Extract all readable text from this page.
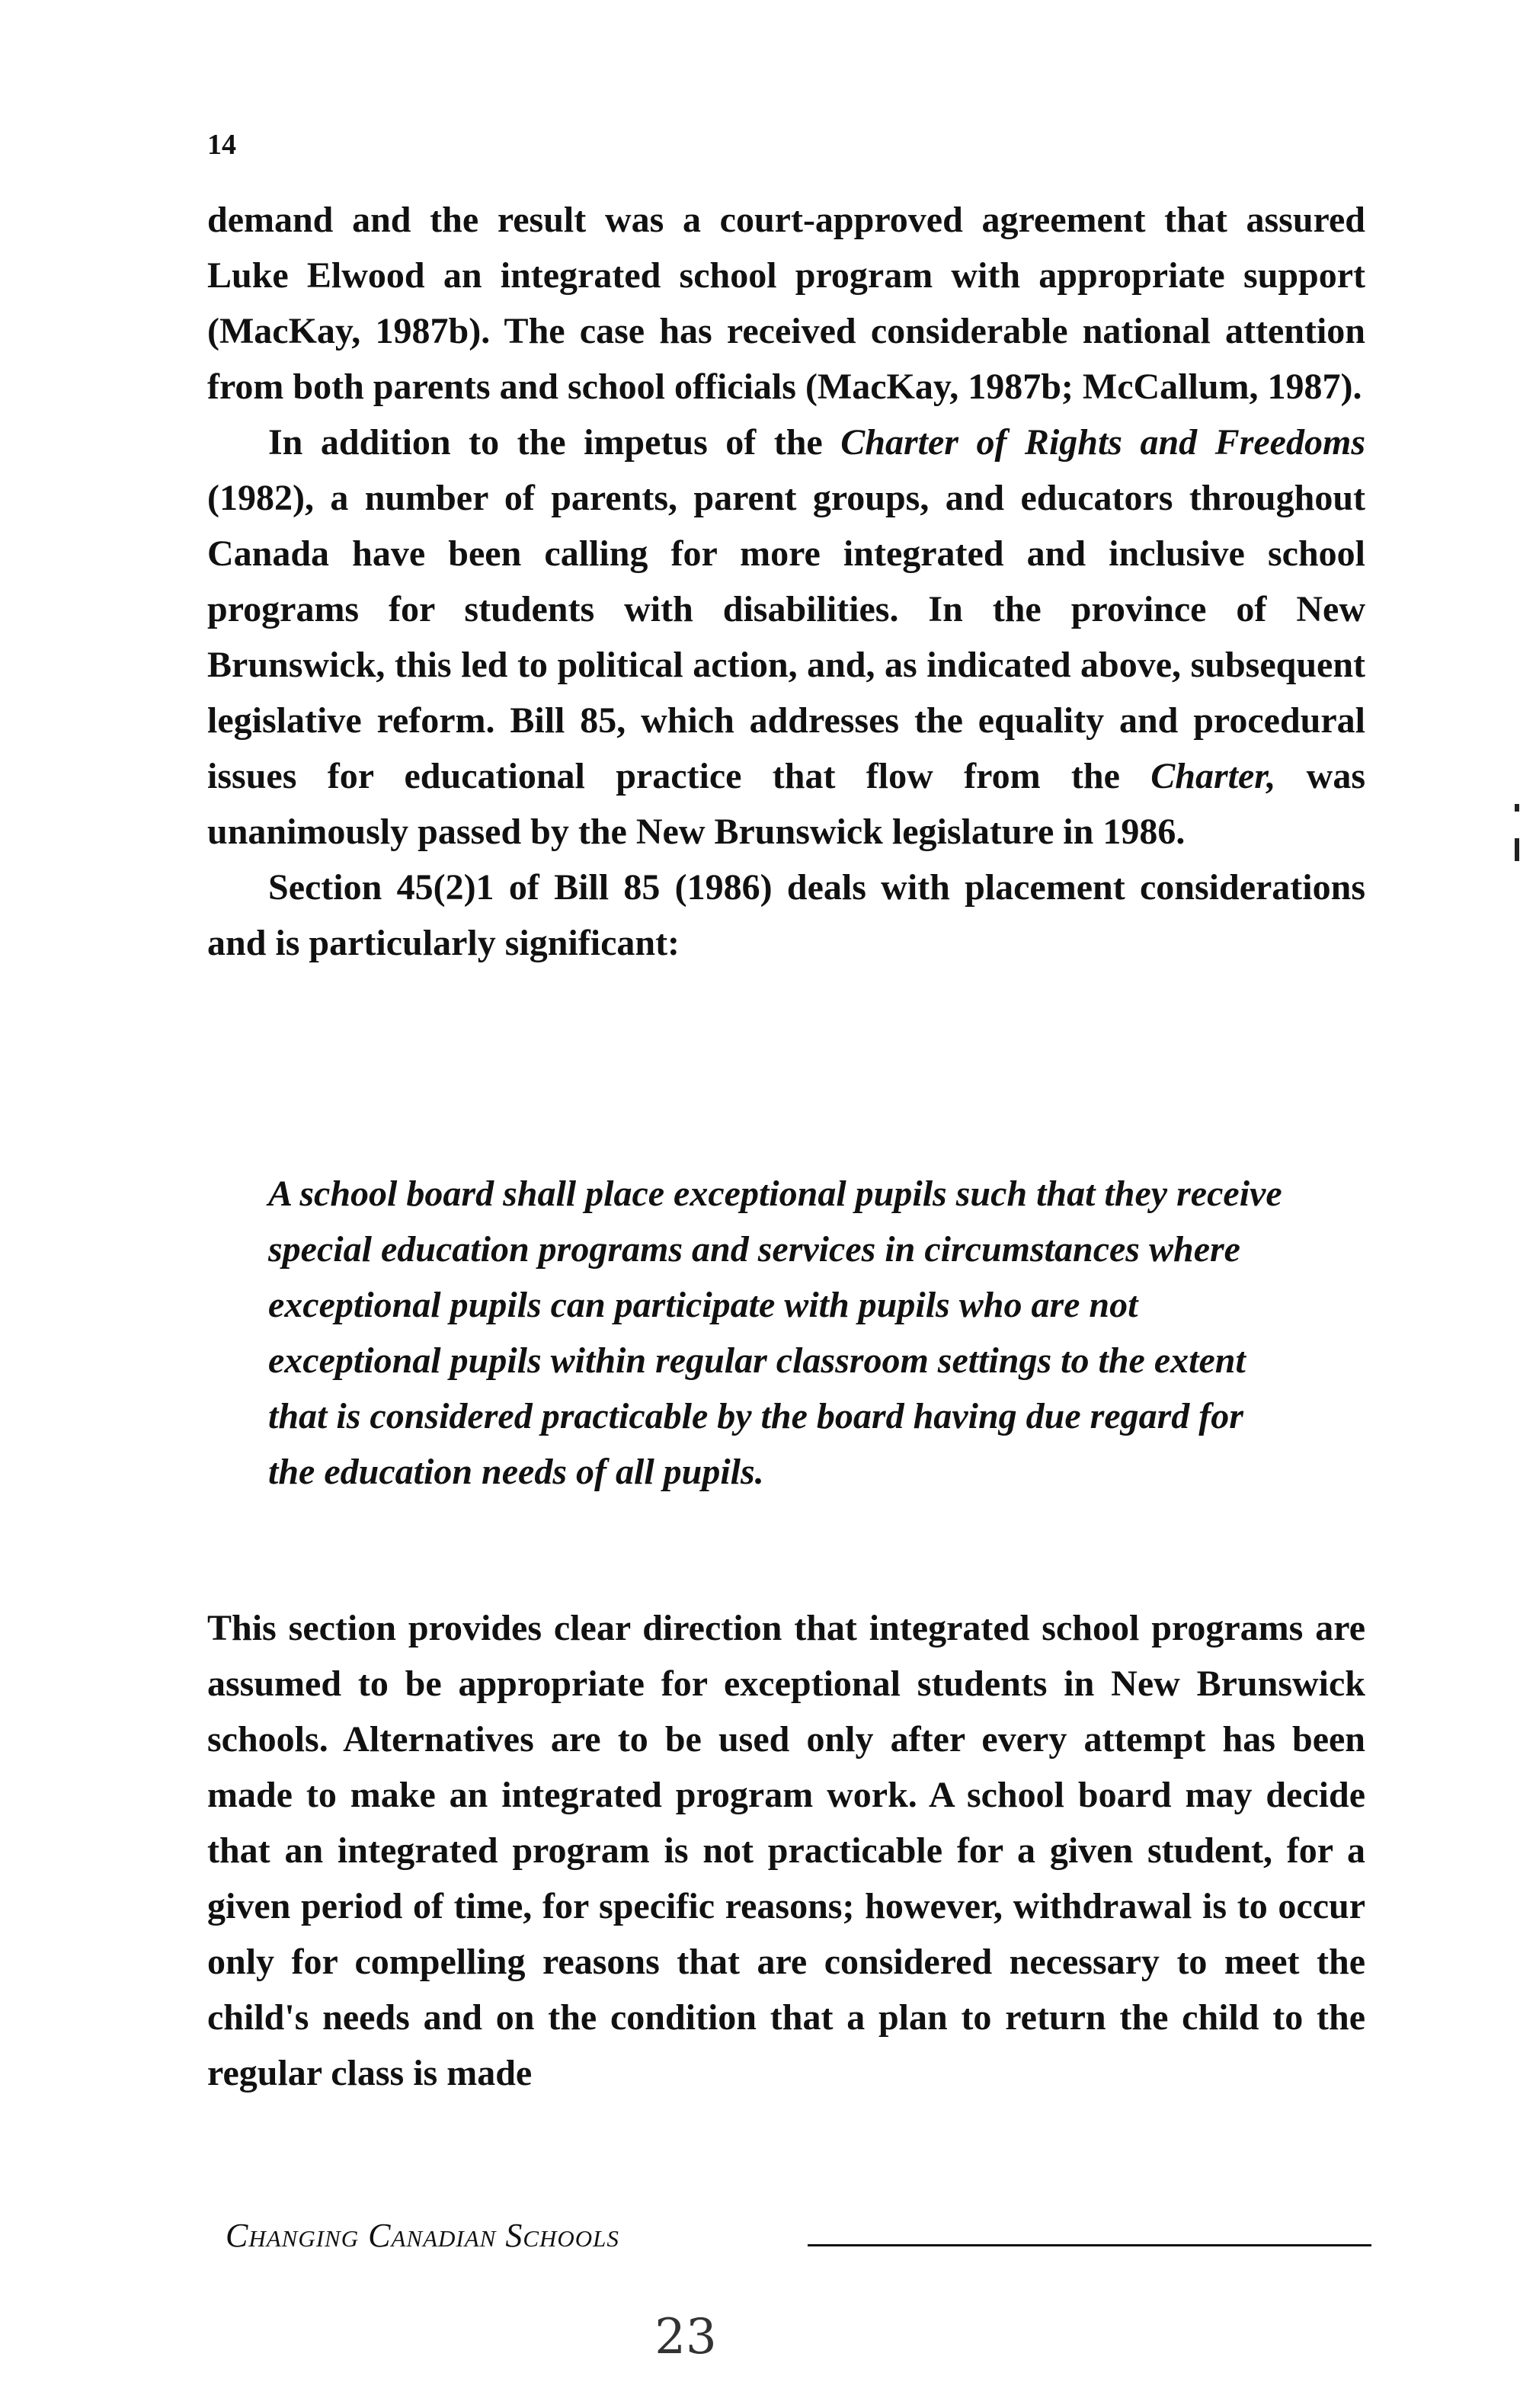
14

demand and the result was a court-approved agreement that assured Luke Elwood an integrated school program with appropriate support (MacKay, 1987b). The case has received considerable national attention from both parents and school officials (MacKay, 1987b; McCallum, 1987).

In addition to the impetus of the Charter of Rights and Freedoms (1982), a number of parents, parent groups, and educators throughout Canada have been calling for more integrated and inclusive school programs for students with disabilities. In the province of New Brunswick, this led to political action, and, as indicated above, subsequent legislative reform. Bill 85, which addresses the equality and procedural issues for educational practice that flow from the Charter, was unanimously passed by the New Brunswick legislature in 1986.

Section 45(2)1 of Bill 85 (1986) deals with placement considerations and is particularly significant:

A school board shall place exceptional pupils such that they receive special education programs and services in circumstances where exceptional pupils can participate with pupils who are not exceptional pupils within regular classroom settings to the extent that is considered practicable by the board having due regard for the education needs of all pupils.

This section provides clear direction that integrated school programs are assumed to be appropriate for exceptional students in New Brunswick schools. Alternatives are to be used only after every attempt has been made to make an integrated program work. A school board may decide that an integrated program is not practicable for a given student, for a given period of time, for specific reasons; however, withdrawal is to occur only for compelling reasons that are considered necessary to meet the child's needs and on the condition that a plan to return the child to the regular class is made

Changing Canadian Schools
23
